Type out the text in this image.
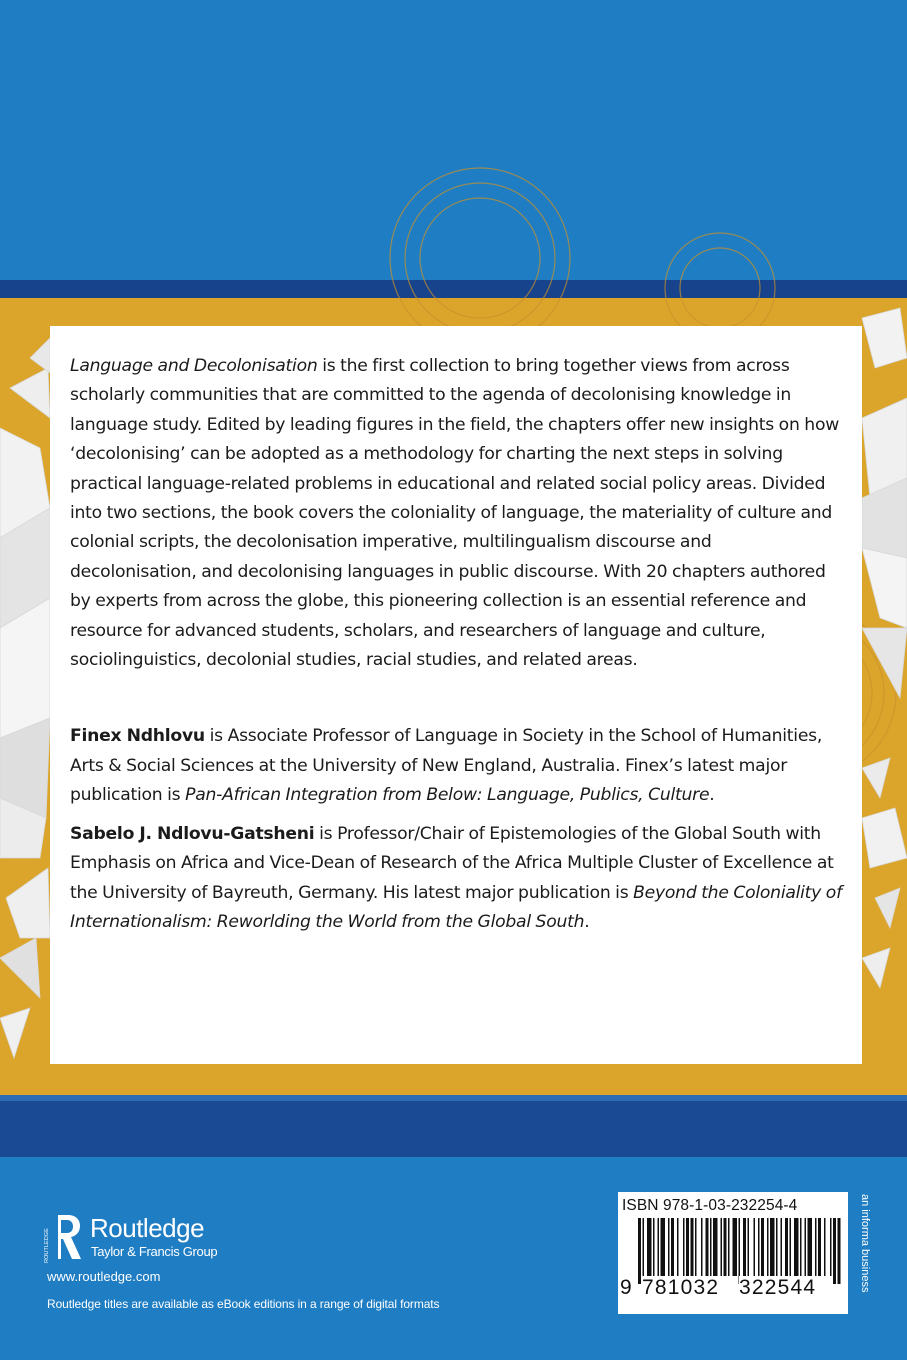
Language and Decolonisation is the first collection to bring together views from across scholarly communities that are committed to the agenda of decolonising knowledge in language study. Edited by leading figures in the field, the chapters offer new insights on how ‘decolonising’ can be adopted as a methodology for charting the next steps in solving practical language-related problems in educational and related social policy areas. Divided into two sections, the book covers the coloniality of language, the materiality of culture and colonial scripts, the decolonisation imperative, multilingualism discourse and decolonisation, and decolonising languages in public discourse. With 20 chapters authored by experts from across the globe, this pioneering collection is an essential reference and resource for advanced students, scholars, and researchers of language and culture, sociolinguistics, decolonial studies, racial studies, and related areas.

Finex Ndhlovu is Associate Professor of Language in Society in the School of Humanities, Arts & Social Sciences at the University of New England, Australia. Finex’s latest major publication is Pan-African Integration from Below: Language, Publics, Culture.

Sabelo J. Ndlovu-Gatsheni is Professor/Chair of Epistemologies of the Global South with Emphasis on Africa and Vice-Dean of Research of the Africa Multiple Cluster of Excellence at the University of Bayreuth, Germany. His latest major publication is Beyond the Coloniality of Internationalism: Reworlding the World from the Global South.

ROUTLEDGE
Routledge
Taylor & Francis Group
www.routledge.com
Routledge titles are available as eBook editions in a range of digital formats
ISBN 978-1-03-232254-4
9 781032 322544	an informa business
